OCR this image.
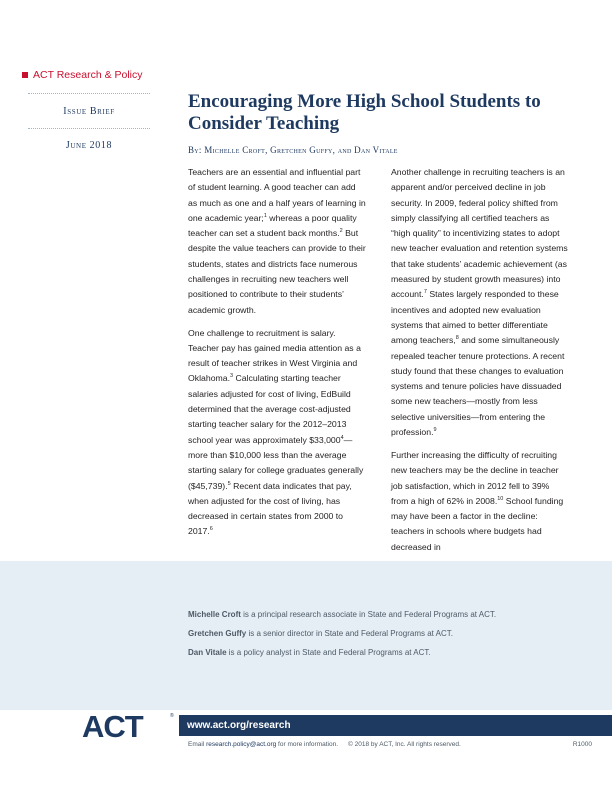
ACT Research & Policy
Issue Brief
June 2018
Encouraging More High School Students to Consider Teaching
By: Michelle Croft, Gretchen Guffy, and Dan Vitale

Teachers are an essential and influential part of student learning. A good teacher can add as much as one and a half years of learning in one academic year;$^1$ whereas a poor quality teacher can set a student back months.$^2$ But despite the value teachers can provide to their students, states and districts face numerous challenges in recruiting new teachers well positioned to contribute to their students’ academic growth.

One challenge to recruitment is salary. Teacher pay has gained media attention as a result of teacher strikes in West Virginia and Oklahoma.$^3$ Calculating starting teacher salaries adjusted for cost of living, EdBuild determined that the average cost-adjusted starting teacher salary for the 2012–2013 school year was approximately $33,000$^4$—more than $10,000 less than the average starting salary for college graduates generally ($45,739).$^5$ Recent data indicates that pay, when adjusted for the cost of living, has decreased in certain states from 2000 to 2017.$^6$

Another challenge in recruiting teachers is an apparent and/or perceived decline in job security. In 2009, federal policy shifted from simply classifying all certified teachers as “high quality” to incentivizing states to adopt new teacher evaluation and retention systems that take students’ academic achievement (as measured by student growth measures) into account.$^7$ States largely responded to these incentives and adopted new evaluation systems that aimed to better differentiate among teachers,$^8$ and some simultaneously repealed teacher tenure protections. A recent study found that these changes to evaluation systems and tenure policies have dissuaded some new teachers—mostly from less selective universities—from entering the profession.$^9$

Further increasing the difficulty of recruiting new teachers may be the decline in teacher job satisfaction, which in 2012 fell to 39% from a high of 62% in 2008.10 School funding may have been a factor in the decline: teachers in schools where budgets had decreased in

Michelle Croft is a principal research associate in State and Federal Programs at ACT.

Gretchen Guffy is a senior director in State and Federal Programs at ACT.

Dan Vitale is a policy analyst in State and Federal Programs at ACT.

ACT	®
www.act.org/research
Email research.policy@act.org for more information. © 2018 by ACT, Inc. All rights reserved.	R1000
